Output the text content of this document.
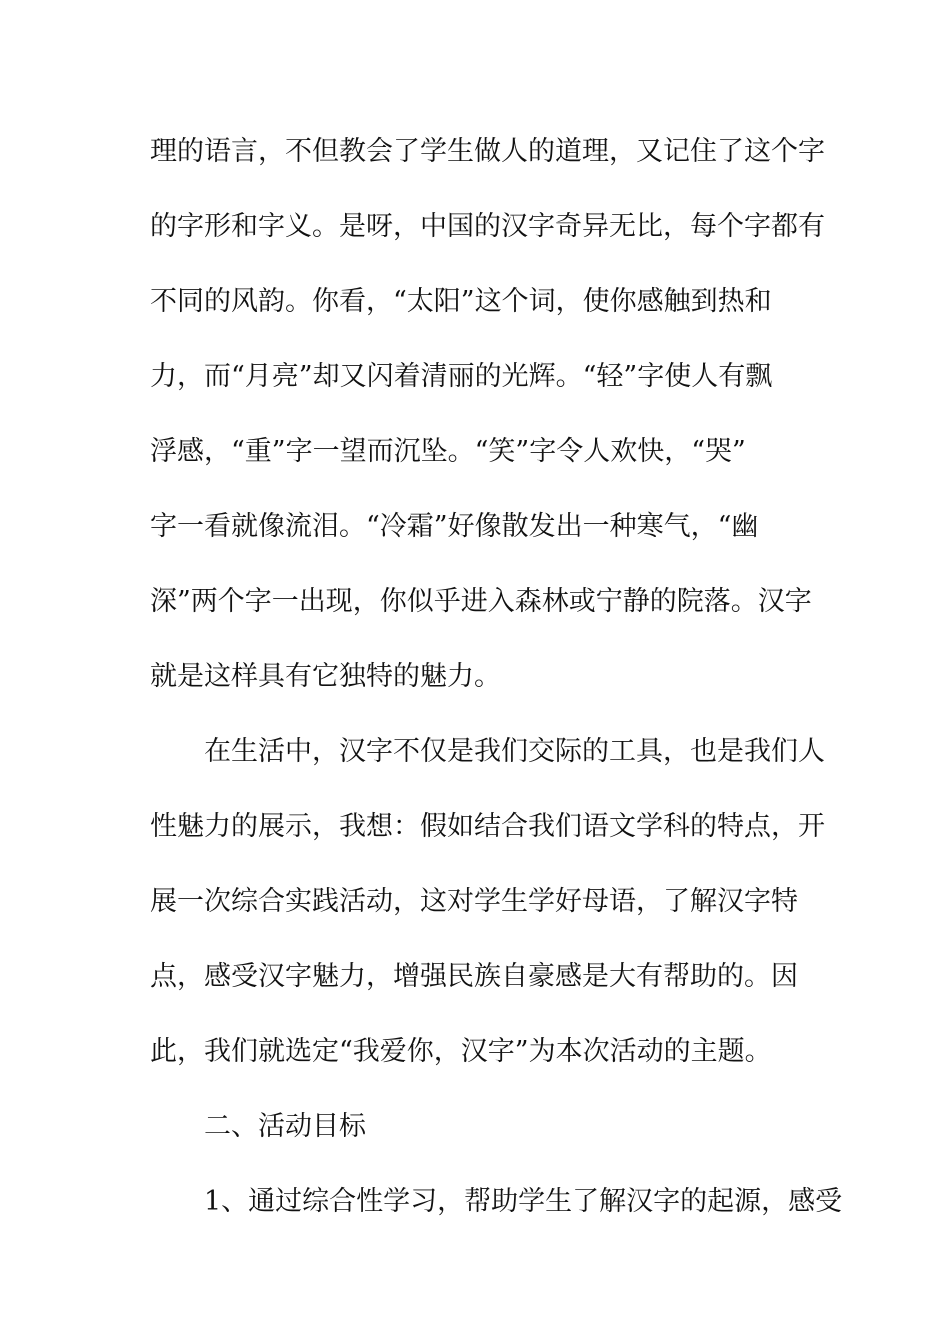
理的语言，不但教会了学生做人的道理，又记住了这个字
的字形和字义。是呀，中国的汉字奇异无比，每个字都有
不同的风韵。你看，“太阳”这个词，使你感触到热和
力，而“月亮”却又闪着清丽的光辉。“轻”字使人有飘
浮感，“重”字一望而沉坠。“笑”字令人欢快，“哭”
字一看就像流泪。“冷霜”好像散发出一种寒气，“幽
深”两个字一出现，你似乎进入森林或宁静的院落。汉字
就是这样具有它独特的魅力。
在生活中，汉字不仅是我们交际的工具，也是我们人
性魅力的展示，我想：假如结合我们语文学科的特点，开
展一次综合实践活动，这对学生学好母语，了解汉字特
点，感受汉字魅力，增强民族自豪感是大有帮助的。因
此，我们就选定“我爱你，汉字”为本次活动的主题。
二、活动目标
1、通过综合性学习，帮助学生了解汉字的起源，感受
